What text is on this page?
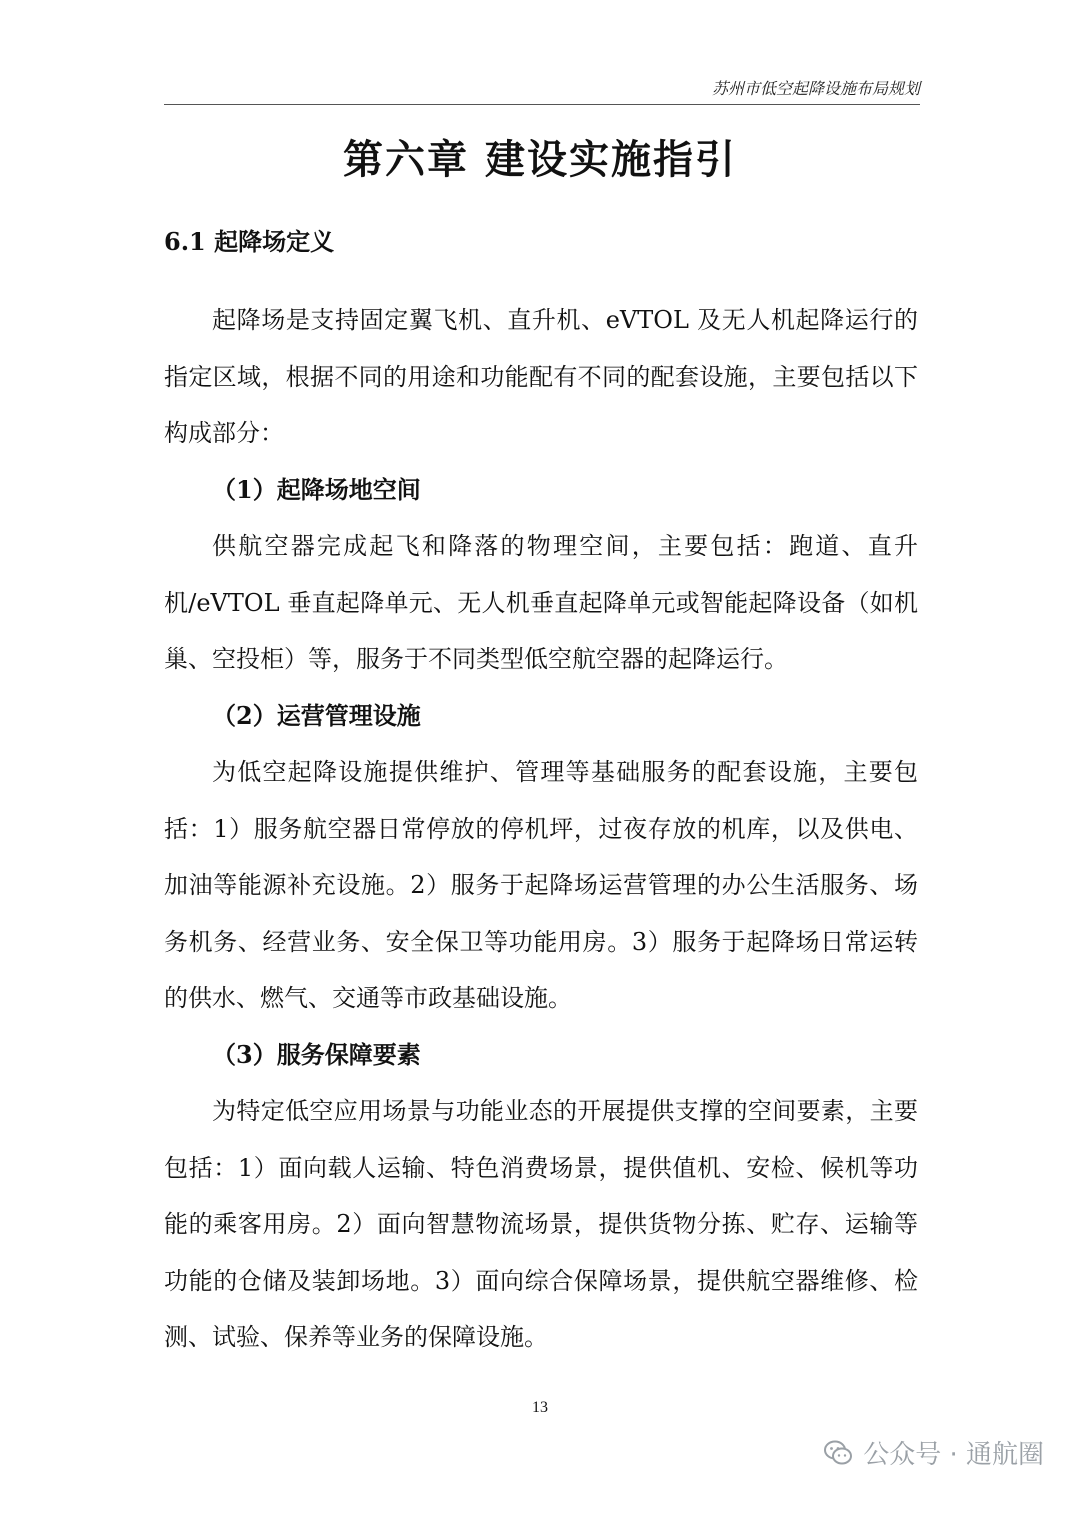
苏州市低空起降设施布局规划
第六章 建设实施指引
6.1 起降场定义

起降场是支持固定翼飞机、直升机、eVTOL 及无人机起降运行的指定区域，根据不同的用途和功能配有不同的配套设施，主要包括以下构成部分：

（1）起降场地空间

供航空器完成起飞和降落的物理空间，主要包括：跑道、直升机/eVTOL 垂直起降单元、无人机垂直起降单元或智能起降设备（如机巢、空投柜）等，服务于不同类型低空航空器的起降运行。

（2）运营管理设施

为低空起降设施提供维护、管理等基础服务的配套设施，主要包括：1）服务航空器日常停放的停机坪，过夜存放的机库，以及供电、加油等能源补充设施。2）服务于起降场运营管理的办公生活服务、场务机务、经营业务、安全保卫等功能用房。3）服务于起降场日常运转的供水、燃气、交通等市政基础设施。

（3）服务保障要素

为特定低空应用场景与功能业态的开展提供支撑的空间要素，主要包括：1）面向载人运输、特色消费场景，提供值机、安检、候机等功能的乘客用房。2）面向智慧物流场景，提供货物分拣、贮存、运输等功能的仓储及装卸场地。3）面向综合保障场景，提供航空器维修、检测、试验、保养等业务的保障设施。

13
公众号 · 通航圈
